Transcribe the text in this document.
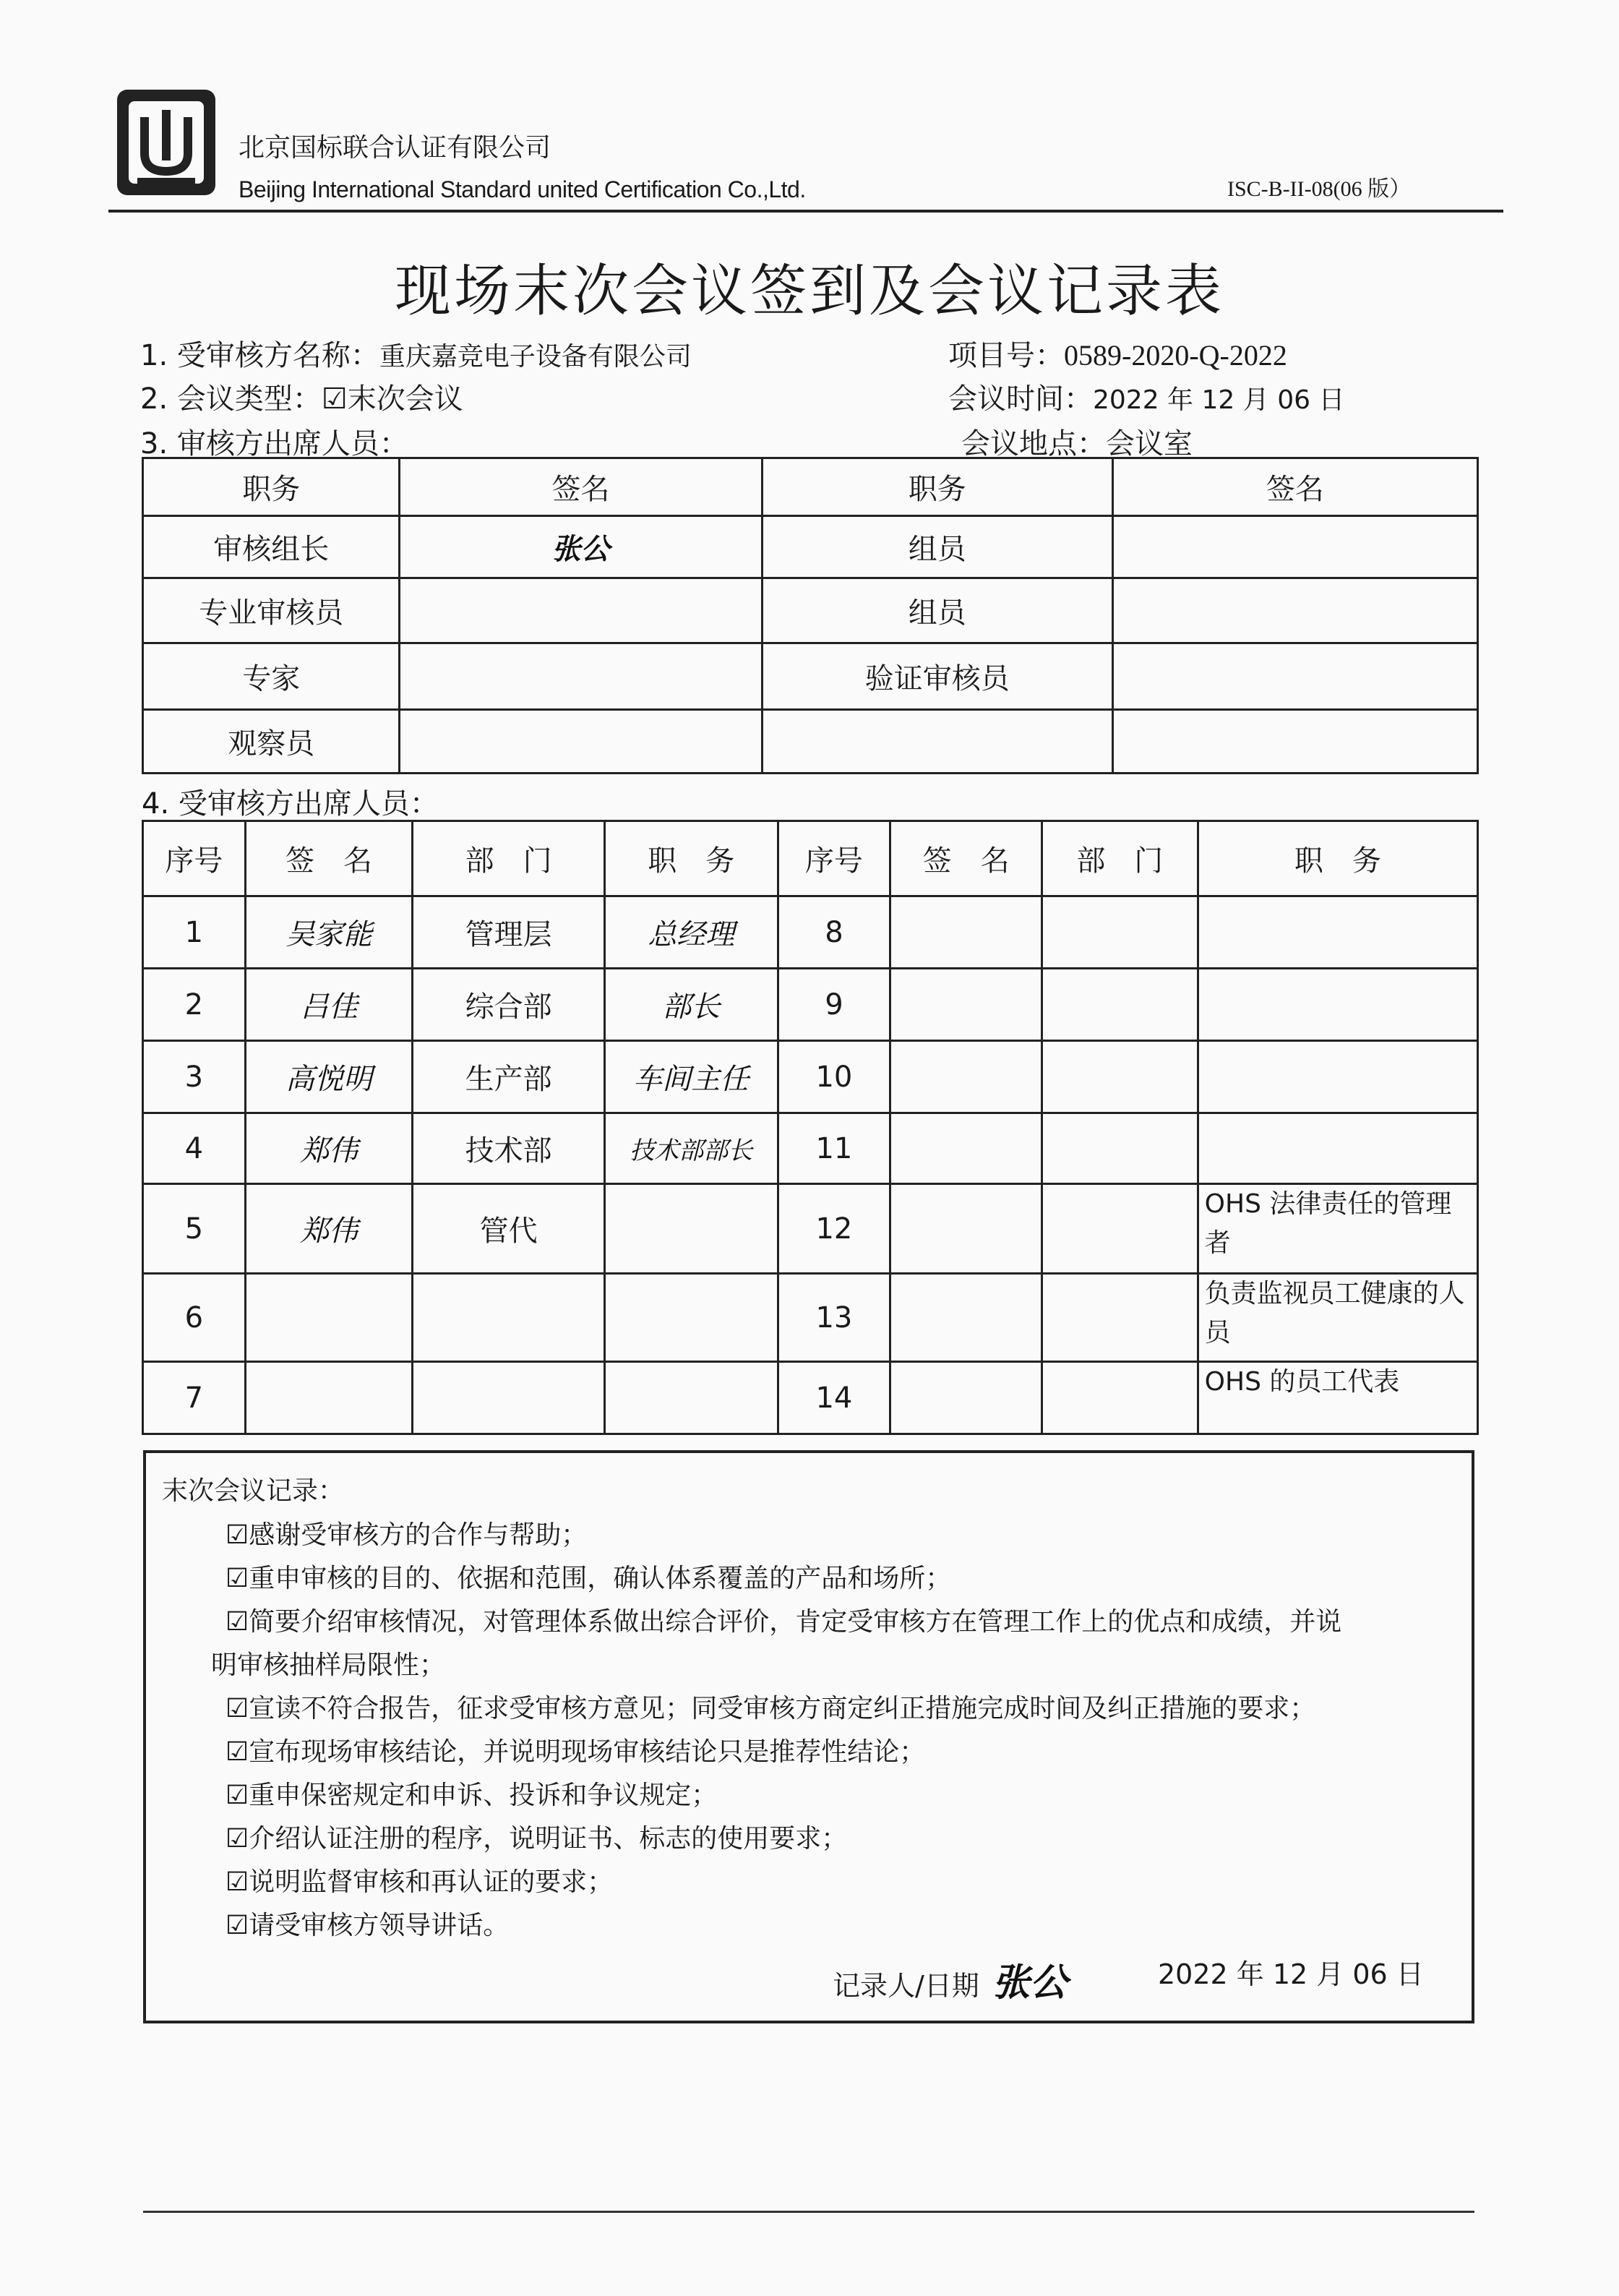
北京国标联合认证有限公司
Beijing International Standard united Certification Co.,Ltd.	ISC-B-II-08(06 版）
现场末次会议签到及会议记录表
1. 受审核方名称：重庆嘉竞电子设备有限公司	项目号：0589-2020-Q-2022
2. 会议类型：☑末次会议	会议时间：2022 年 12 月 06 日
3. 审核方出席人员：	会议地点：会议室
职务	签名	职务	签名
审核组长	张公	组员	
专业审核员		组员	
专家		验证审核员	
观察员			
4. 受审核方出席人员：
序号	签　名	部　门	职　务	序号	签　名	部　门	职　务
1	吴家能	管理层	总经理	8			
2	吕佳	综合部	部长	9			
3	高悦明	生产部	车间主任	10			
4	郑伟	技术部	技术部部长	11			
5	郑伟	管代		12			OHS 法律责任的管理者
6				13			负责监视员工健康的人员
7				14			OHS 的员工代表
末次会议记录：
☑感谢受审核方的合作与帮助；
☑重申审核的目的、依据和范围，确认体系覆盖的产品和场所；
☑简要介绍审核情况，对管理体系做出综合评价，肯定受审核方在管理工作上的优点和成绩，并说
明审核抽样局限性；
☑宣读不符合报告，征求受审核方意见；同受审核方商定纠正措施完成时间及纠正措施的要求；
☑宣布现场审核结论，并说明现场审核结论只是推荐性结论；
☑重申保密规定和申诉、投诉和争议规定；
☑介绍认证注册的程序，说明证书、标志的使用要求；
☑说明监督审核和再认证的要求；
☑请受审核方领导讲话。
记录人/日期 张公	2022 年 12 月 06 日
